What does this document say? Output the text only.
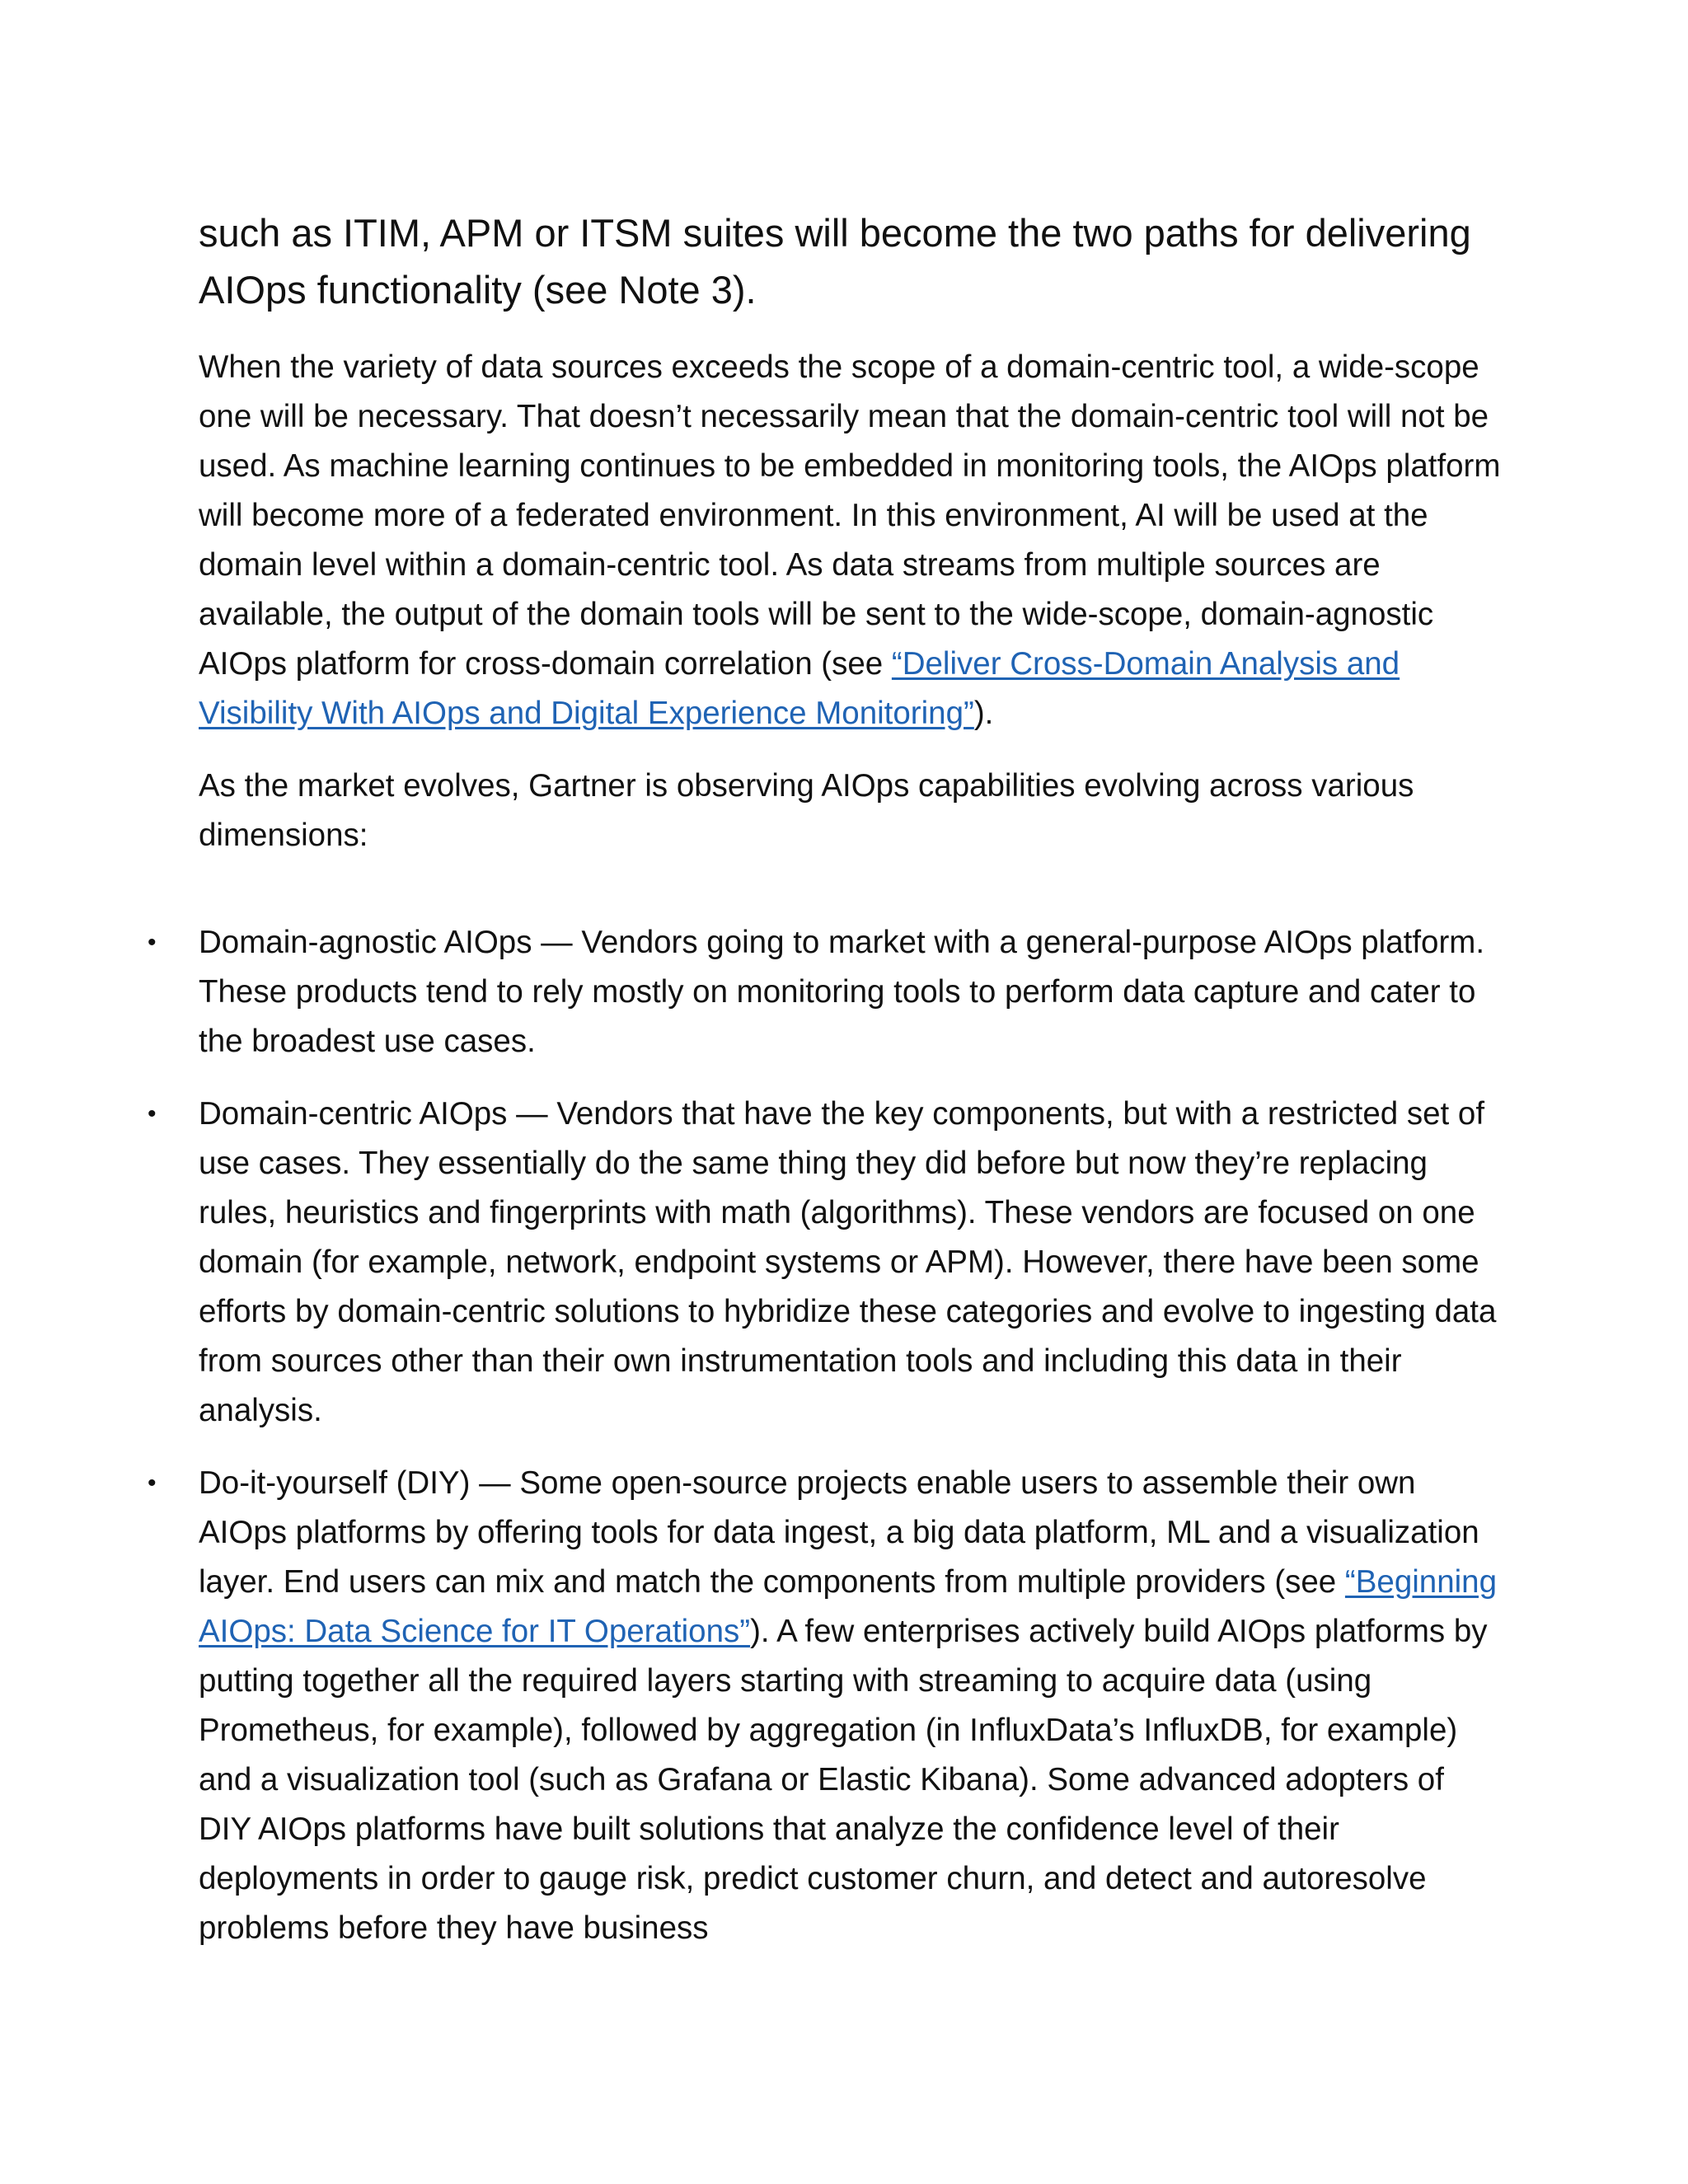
such as ITIM, APM or ITSM suites will become the two paths for delivering AIOps functionality (see Note 3).

When the variety of data sources exceeds the scope of a domain-centric tool, a wide-scope one will be necessary. That doesn’t necessarily mean that the domain-centric tool will not be used. As machine learning continues to be embedded in monitoring tools, the AIOps platform will become more of a federated environment. In this environment, AI will be used at the domain level within a domain-centric tool. As data streams from multiple sources are available, the output of the domain tools will be sent to the wide-scope, domain-agnostic AIOps platform for cross-domain correlation (see “Deliver Cross-Domain Analysis and Visibility With AIOps and Digital Experience Monitoring”).

As the market evolves, Gartner is observing AIOps capabilities evolving across various dimensions:

• Domain-agnostic AIOps — Vendors going to market with a general-purpose AIOps platform. These products tend to rely mostly on monitoring tools to perform data capture and cater to the broadest use cases.
• Domain-centric AIOps — Vendors that have the key components, but with a restricted set of use cases. They essentially do the same thing they did before but now they’re replacing rules, heuristics and fingerprints with math (algorithms). These vendors are focused on one domain (for example, network, endpoint systems or APM). However, there have been some efforts by domain-centric solutions to hybridize these categories and evolve to ingesting data from sources other than their own instrumentation tools and including this data in their analysis.
• Do-it-yourself (DIY) — Some open-source projects enable users to assemble their own AIOps platforms by offering tools for data ingest, a big data platform, ML and a visualization layer. End users can mix and match the components from multiple providers (see “Beginning AIOps: Data Science for IT Operations”). A few enterprises actively build AIOps platforms by putting together all the required layers starting with streaming to acquire data (using Prometheus, for example), followed by aggregation (in InfluxData’s InfluxDB, for example) and a visualization tool (such as Grafana or Elastic Kibana). Some advanced adopters of DIY AIOps platforms have built solutions that analyze the confidence level of their deployments in order to gauge risk, predict customer churn, and detect and autoresolve problems before they have business
